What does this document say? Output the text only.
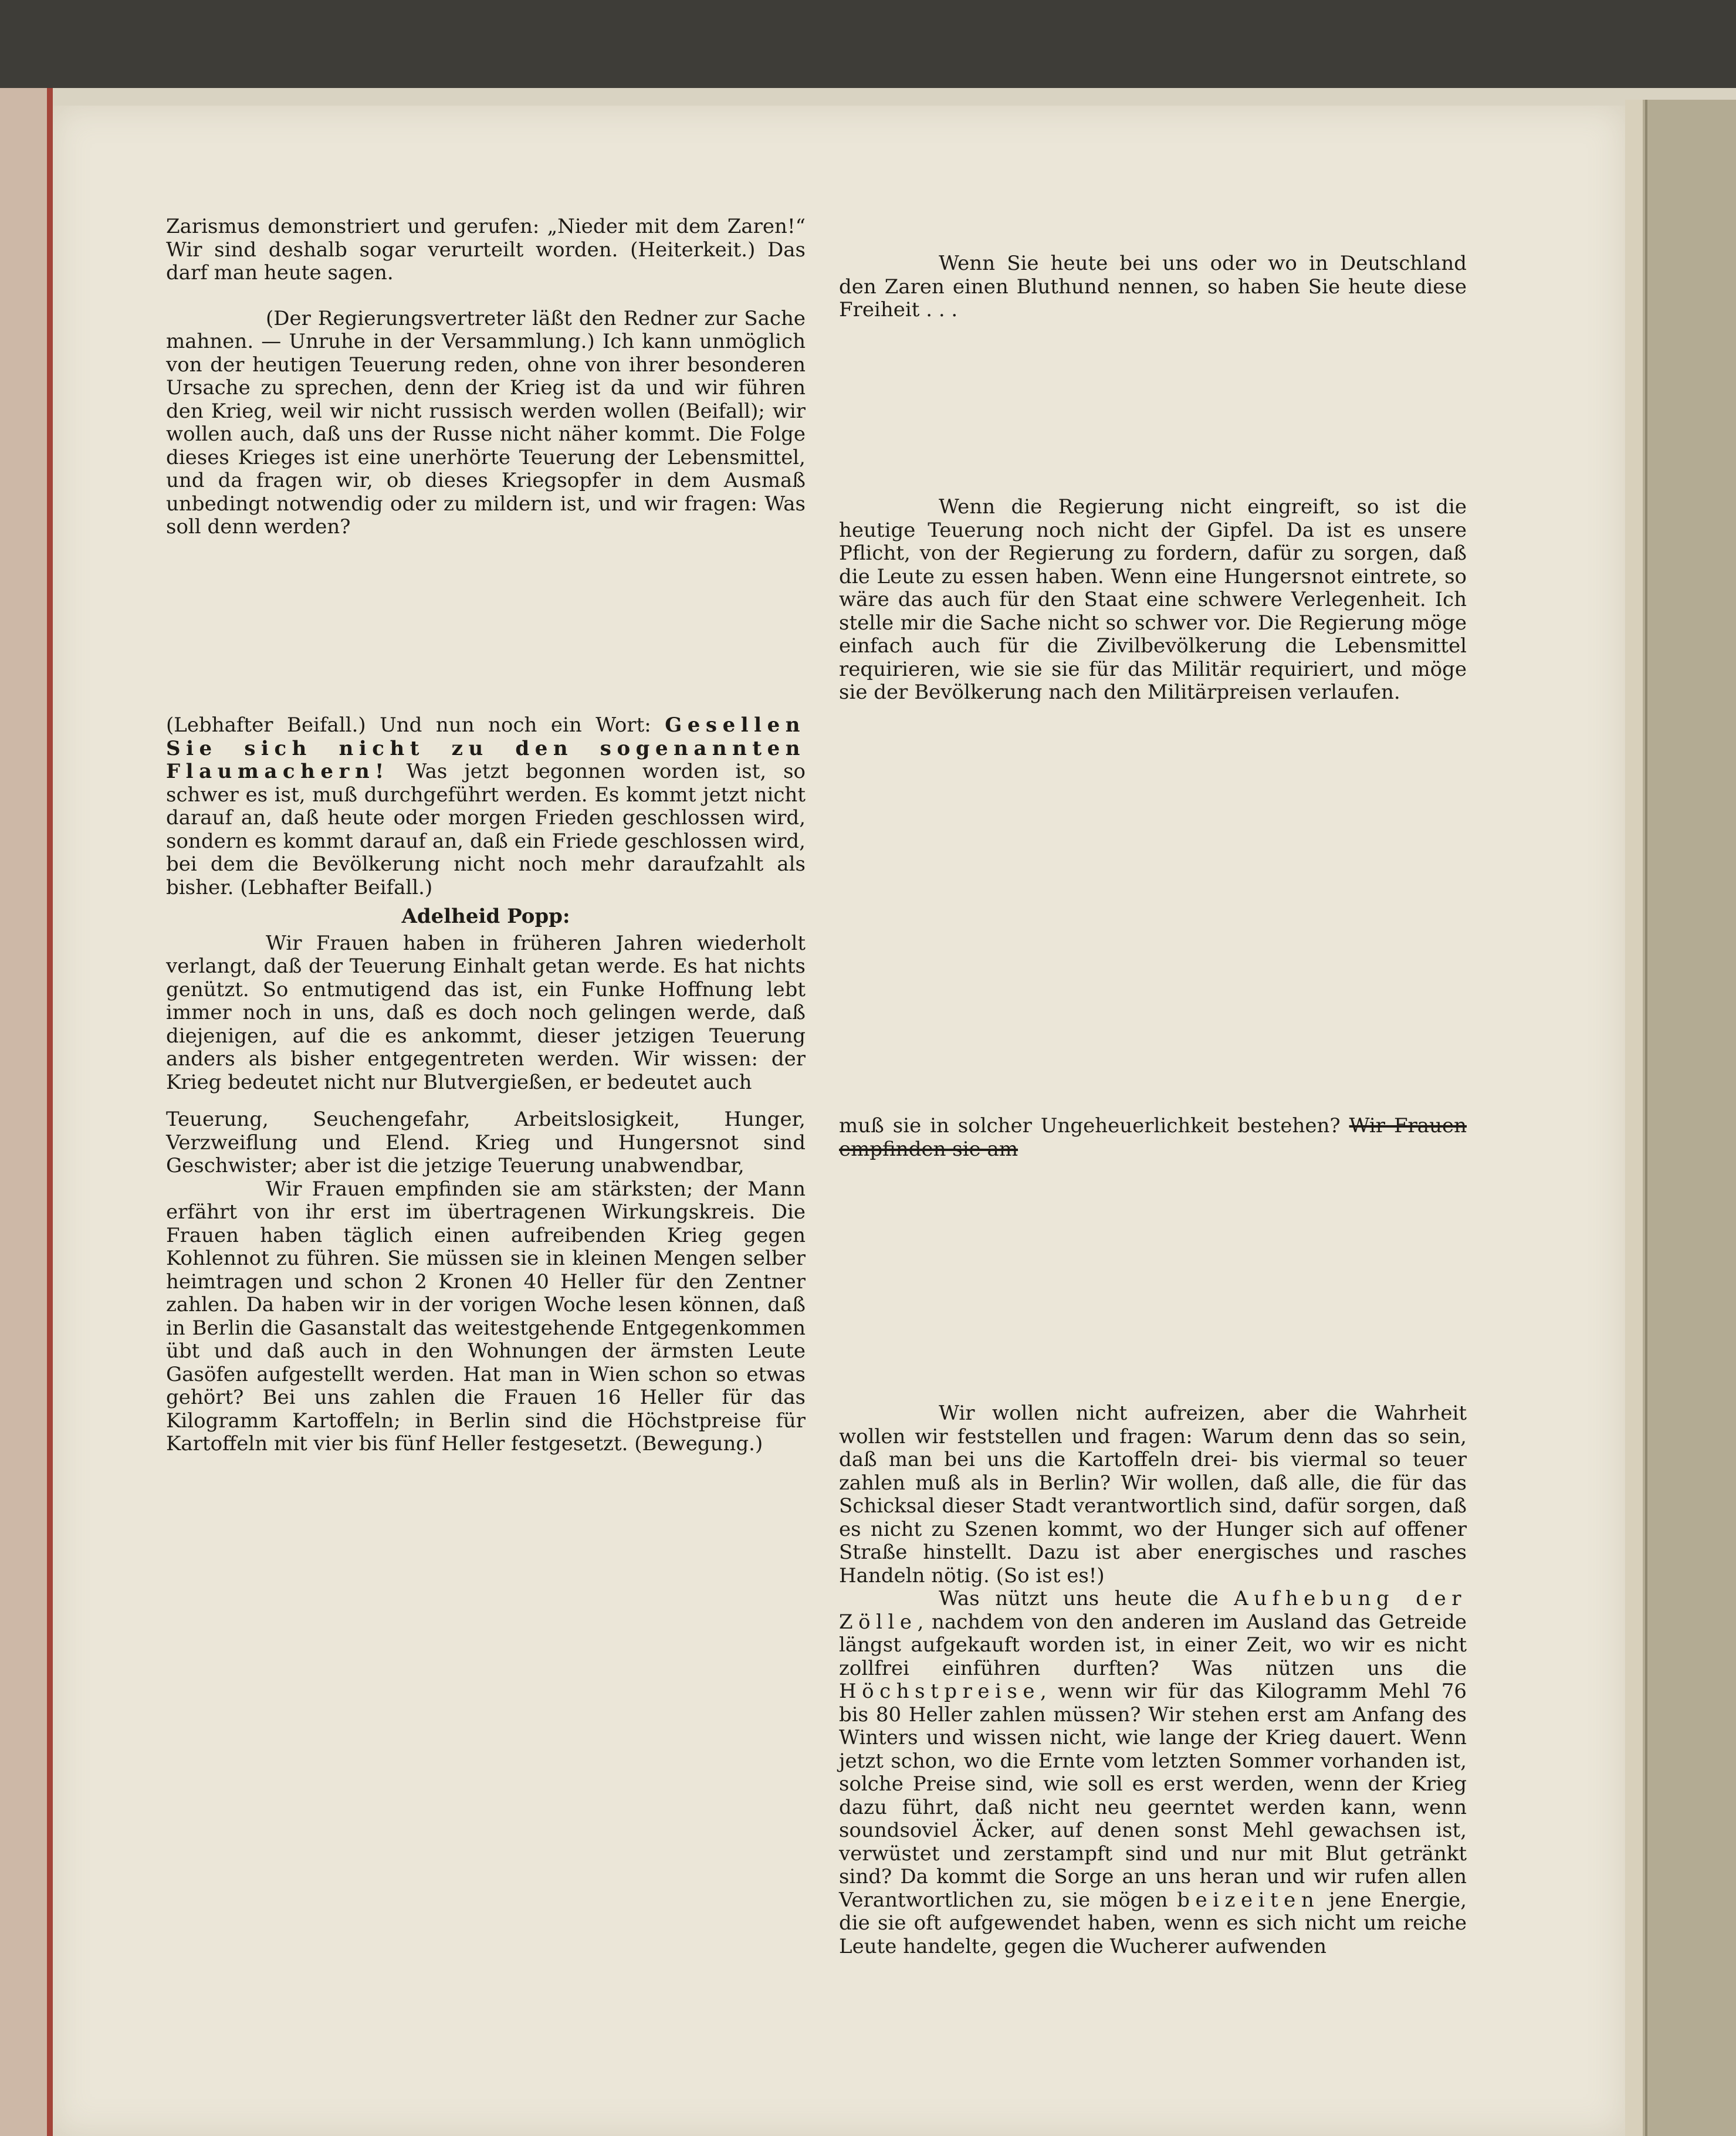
Zarismus demonstriert und gerufen: „Nieder mit dem Zaren!“ Wir sind deshalb sogar verurteilt worden. (Heiterkeit.) Das darf man heute sagen.

(Der Regierungsvertreter läßt den Redner zur Sache mahnen. — Unruhe in der Versammlung.) Ich kann unmöglich von der heutigen Teuerung reden, ohne von ihrer besonderen Ursache zu sprechen, denn der Krieg ist da und wir führen den Krieg, weil wir nicht russisch werden wollen (Beifall); wir wollen auch, daß uns der Russe nicht näher kommt. Die Folge dieses Krieges ist eine unerhörte Teuerung der Lebensmittel, und da fragen wir, ob dieses Kriegsopfer in dem Ausmaß unbedingt notwendig oder zu mildern ist, und wir fragen: Was soll denn werden?

(Lebhafter Beifall.) Und nun noch ein Wort: Gesellen Sie sich nicht zu den sogenannten Flaumachern! Was jetzt begonnen worden ist, so schwer es ist, muß durchgeführt werden. Es kommt jetzt nicht darauf an, daß heute oder morgen Frieden geschlossen wird, sondern es kommt darauf an, daß ein Friede geschlossen wird, bei dem die Bevölkerung nicht noch mehr daraufzahlt als bisher. (Lebhafter Beifall.)

Adelheid Popp:

Wir Frauen haben in früheren Jahren wiederholt verlangt, daß der Teuerung Einhalt getan werde. Es hat nichts genützt. So entmutigend das ist, ein Funke Hoffnung lebt immer noch in uns, daß es doch noch gelingen werde, daß diejenigen, auf die es ankommt, dieser jetzigen Teuerung anders als bisher entgegentreten werden. Wir wissen: der Krieg bedeutet nicht nur Blutvergießen, er bedeutet auch

Teuerung, Seuchengefahr, Arbeitslosigkeit, Hunger, Verzweiflung und Elend. Krieg und Hungersnot sind Geschwister; aber ist die jetzige Teuerung unabwendbar,

Wir Frauen empfinden sie am stärksten; der Mann erfährt von ihr erst im übertragenen Wirkungskreis. Die Frauen haben täglich einen aufreibenden Krieg gegen Kohlennot zu führen. Sie müssen sie in kleinen Mengen selber heimtragen und schon 2 Kronen 40 Heller für den Zentner zahlen. Da haben wir in der vorigen Woche lesen können, daß in Berlin die Gasanstalt das weitestgehende Entgegenkommen übt und daß auch in den Wohnungen der ärmsten Leute Gasöfen aufgestellt werden. Hat man in Wien schon so etwas gehört? Bei uns zahlen die Frauen 16 Heller für das Kilogramm Kartoffeln; in Berlin sind die Höchstpreise für Kartoffeln mit vier bis fünf Heller festgesetzt. (Bewegung.)

Wenn Sie heute bei uns oder wo in Deutschland den Zaren einen Bluthund nennen, so haben Sie heute diese Freiheit . . .

Wenn die Regierung nicht eingreift, so ist die heutige Teuerung noch nicht der Gipfel. Da ist es unsere Pflicht, von der Regierung zu fordern, dafür zu sorgen, daß die Leute zu essen haben. Wenn eine Hungersnot eintrete, so wäre das auch für den Staat eine schwere Verlegenheit. Ich stelle mir die Sache nicht so schwer vor. Die Regierung möge einfach auch für die Zivilbevölkerung die Lebensmittel requirieren, wie sie sie für das Militär requiriert, und möge sie der Bevölkerung nach den Militärpreisen verlaufen.

muß sie in solcher Ungeheuerlichkeit bestehen? Wir Frauen empfinden sie am

Wir wollen nicht aufreizen, aber die Wahrheit wollen wir feststellen und fragen: Warum denn das so sein, daß man bei uns die Kartoffeln drei- bis viermal so teuer zahlen muß als in Berlin? Wir wollen, daß alle, die für das Schicksal dieser Stadt verantwortlich sind, dafür sorgen, daß es nicht zu Szenen kommt, wo der Hunger sich auf offener Straße hinstellt. Dazu ist aber energisches und rasches Handeln nötig. (So ist es!)

Was nützt uns heute die Aufhebung der Zölle, nachdem von den anderen im Ausland das Getreide längst aufgekauft worden ist, in einer Zeit, wo wir es nicht zollfrei einführen durften? Was nützen uns die Höchstpreise, wenn wir für das Kilogramm Mehl 76 bis 80 Heller zahlen müssen? Wir stehen erst am Anfang des Winters und wissen nicht, wie lange der Krieg dauert. Wenn jetzt schon, wo die Ernte vom letzten Sommer vorhanden ist, solche Preise sind, wie soll es erst werden, wenn der Krieg dazu führt, daß nicht neu geerntet werden kann, wenn soundsoviel Äcker, auf denen sonst Mehl gewachsen ist, verwüstet und zerstampft sind und nur mit Blut getränkt sind? Da kommt die Sorge an uns heran und wir rufen allen Verantwortlichen zu, sie mögen beizeiten jene Energie, die sie oft aufgewendet haben, wenn es sich nicht um reiche Leute handelte, gegen die Wucherer aufwenden
